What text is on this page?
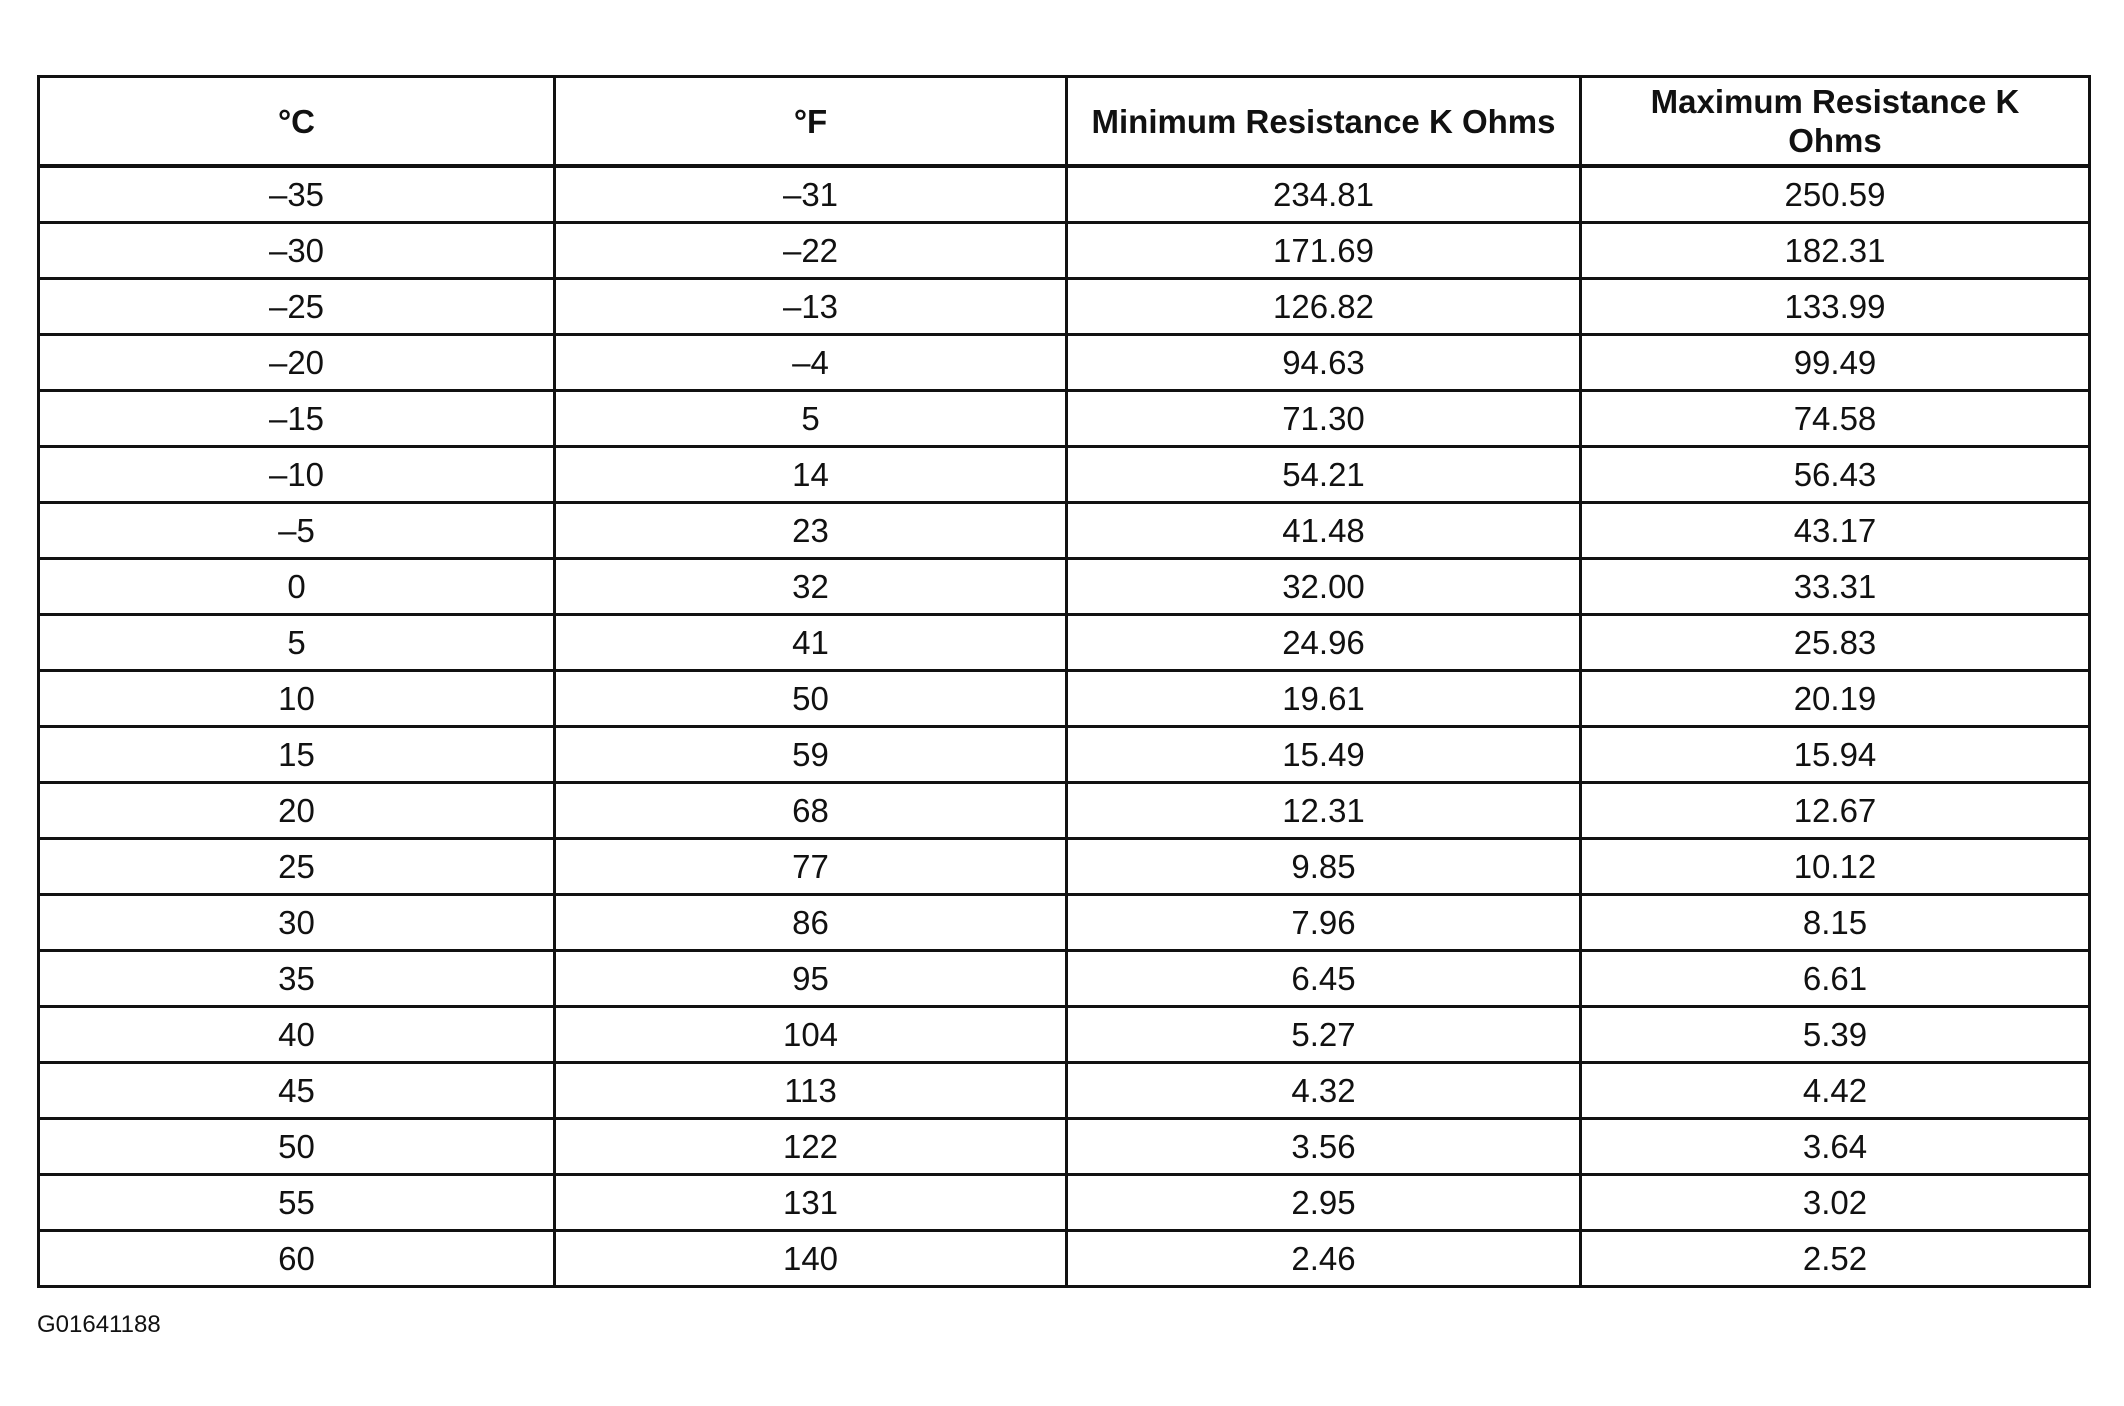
°C	°F	Minimum Resistance K Ohms	Maximum Resistance K Ohms
–35	–31	234.81	250.59
–30	–22	171.69	182.31
–25	–13	126.82	133.99
–20	–4	94.63	99.49
–15	5	71.30	74.58
–10	14	54.21	56.43
–5	23	41.48	43.17
0	32	32.00	33.31
5	41	24.96	25.83
10	50	19.61	20.19
15	59	15.49	15.94
20	68	12.31	12.67
25	77	9.85	10.12
30	86	7.96	8.15
35	95	6.45	6.61
40	104	5.27	5.39
45	113	4.32	4.42
50	122	3.56	3.64
55	131	2.95	3.02
60	140	2.46	2.52
G01641188
